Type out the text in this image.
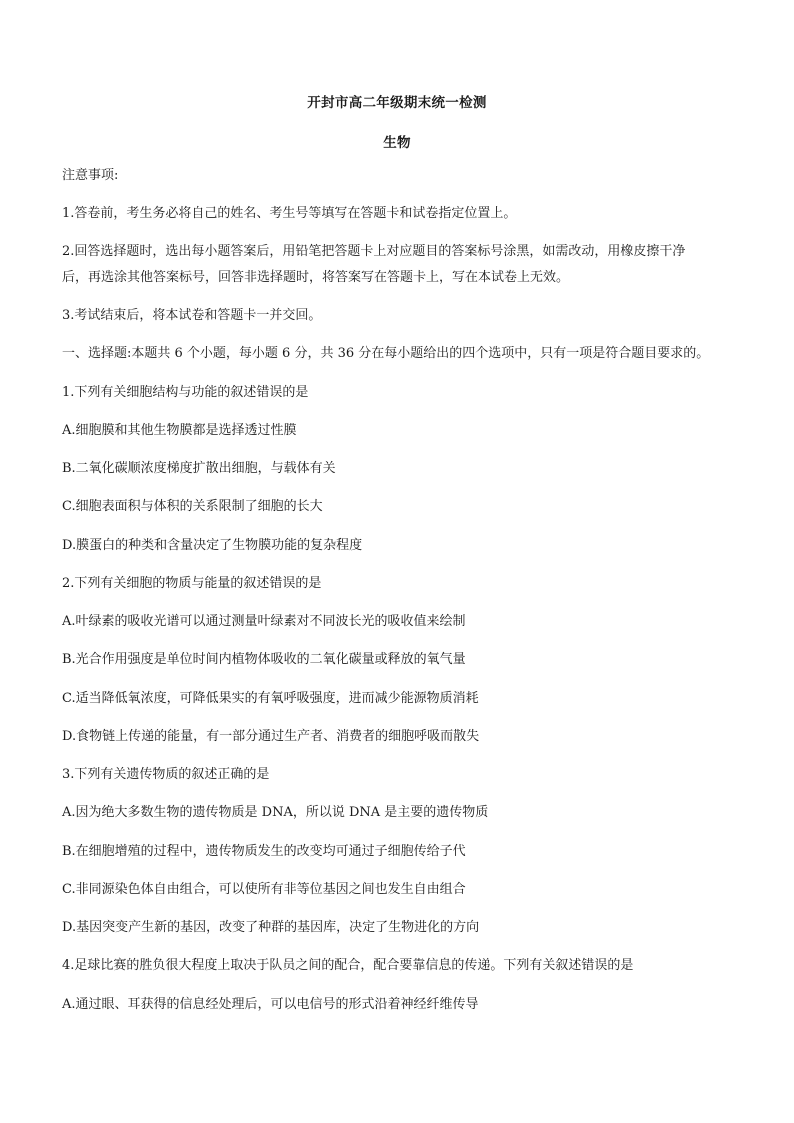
开封市高二年级期末统一检测
生物
注意事项:
1.答卷前，考生务必将自己的姓名、考生号等填写在答题卡和试卷指定位置上。
2.回答选择题时，选出每小题答案后，用铅笔把答题卡上对应题目的答案标号涂黑，如需改动，用橡皮擦干净
后，再选涂其他答案标号，回答非选择题时，将答案写在答题卡上，写在本试卷上无效。
3.考试结束后，将本试卷和答题卡一并交回。
一、选择题:本题共 6 个小题，每小题 6 分，共 36 分在每小题给出的四个选项中，只有一项是符合题目要求的。
1.下列有关细胞结构与功能的叙述错误的是
A.细胞膜和其他生物膜都是选择透过性膜
B.二氧化碳顺浓度梯度扩散出细胞，与载体有关
C.细胞表面积与体积的关系限制了细胞的长大
D.膜蛋白的种类和含量决定了生物膜功能的复杂程度
2.下列有关细胞的物质与能量的叙述错误的是
A.叶绿素的吸收光谱可以通过测量叶绿素对不同波长光的吸收值来绘制
B.光合作用强度是单位时间内植物体吸收的二氧化碳量或释放的氧气量
C.适当降低氧浓度，可降低果实的有氧呼吸强度，进而减少能源物质消耗
D.食物链上传递的能量，有一部分通过生产者、消费者的细胞呼吸而散失
3.下列有关遗传物质的叙述正确的是
A.因为绝大多数生物的遗传物质是 DNA，所以说 DNA 是主要的遗传物质
B.在细胞增殖的过程中，遗传物质发生的改变均可通过子细胞传给子代
C.非同源染色体自由组合，可以使所有非等位基因之间也发生自由组合
D.基因突变产生新的基因，改变了种群的基因库，决定了生物进化的方向
4.足球比赛的胜负很大程度上取决于队员之间的配合，配合要靠信息的传递。下列有关叙述错误的是
A.通过眼、耳获得的信息经处理后，可以电信号的形式沿着神经纤维传导
